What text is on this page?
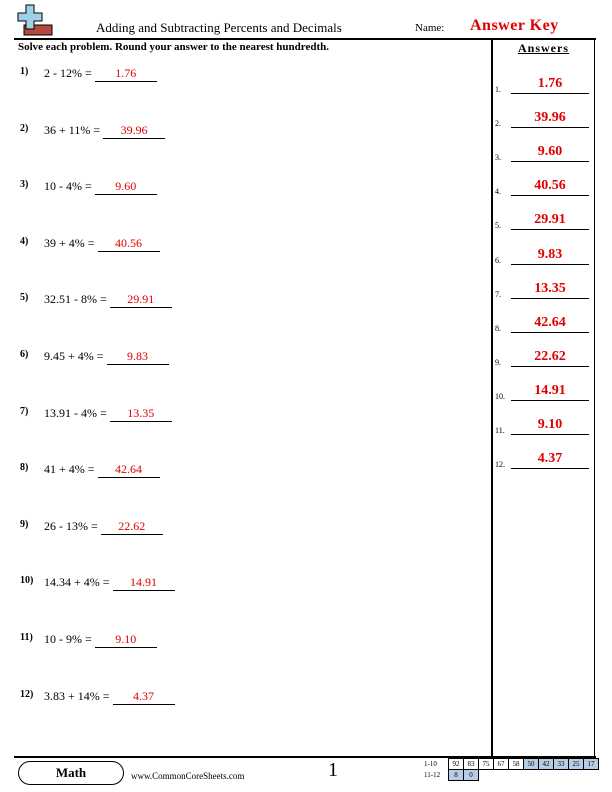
Adding and Subtracting Percents and Decimals	Name: Answer Key
Solve each problem. Round your answer to the nearest hundredth.
1) 2 - 12% = 1.76
2) 36 + 11% = 39.96
3) 10 - 4% = 9.60
4) 39 + 4% = 40.56
5) 32.51 - 8% = 29.91
6) 9.45 + 4% = 9.83
7) 13.91 - 4% = 13.35
8) 41 + 4% = 42.64
9) 26 - 13% = 22.62
10) 14.34 + 4% = 14.91
11) 10 - 9% = 9.10
12) 3.83 + 14% = 4.37
Answers
1.	1.76
2.	39.96
3.	9.60
4.	40.56
5.	29.91
6.	9.83
7.	13.35
8.	42.64
9.	22.62
10.	14.91
11.	9.10
12.	4.37
Math	www.CommonCoreSheets.com	1	1-10	92	83	75	67	58	50	42	33	25	17
11-12	8	0								
